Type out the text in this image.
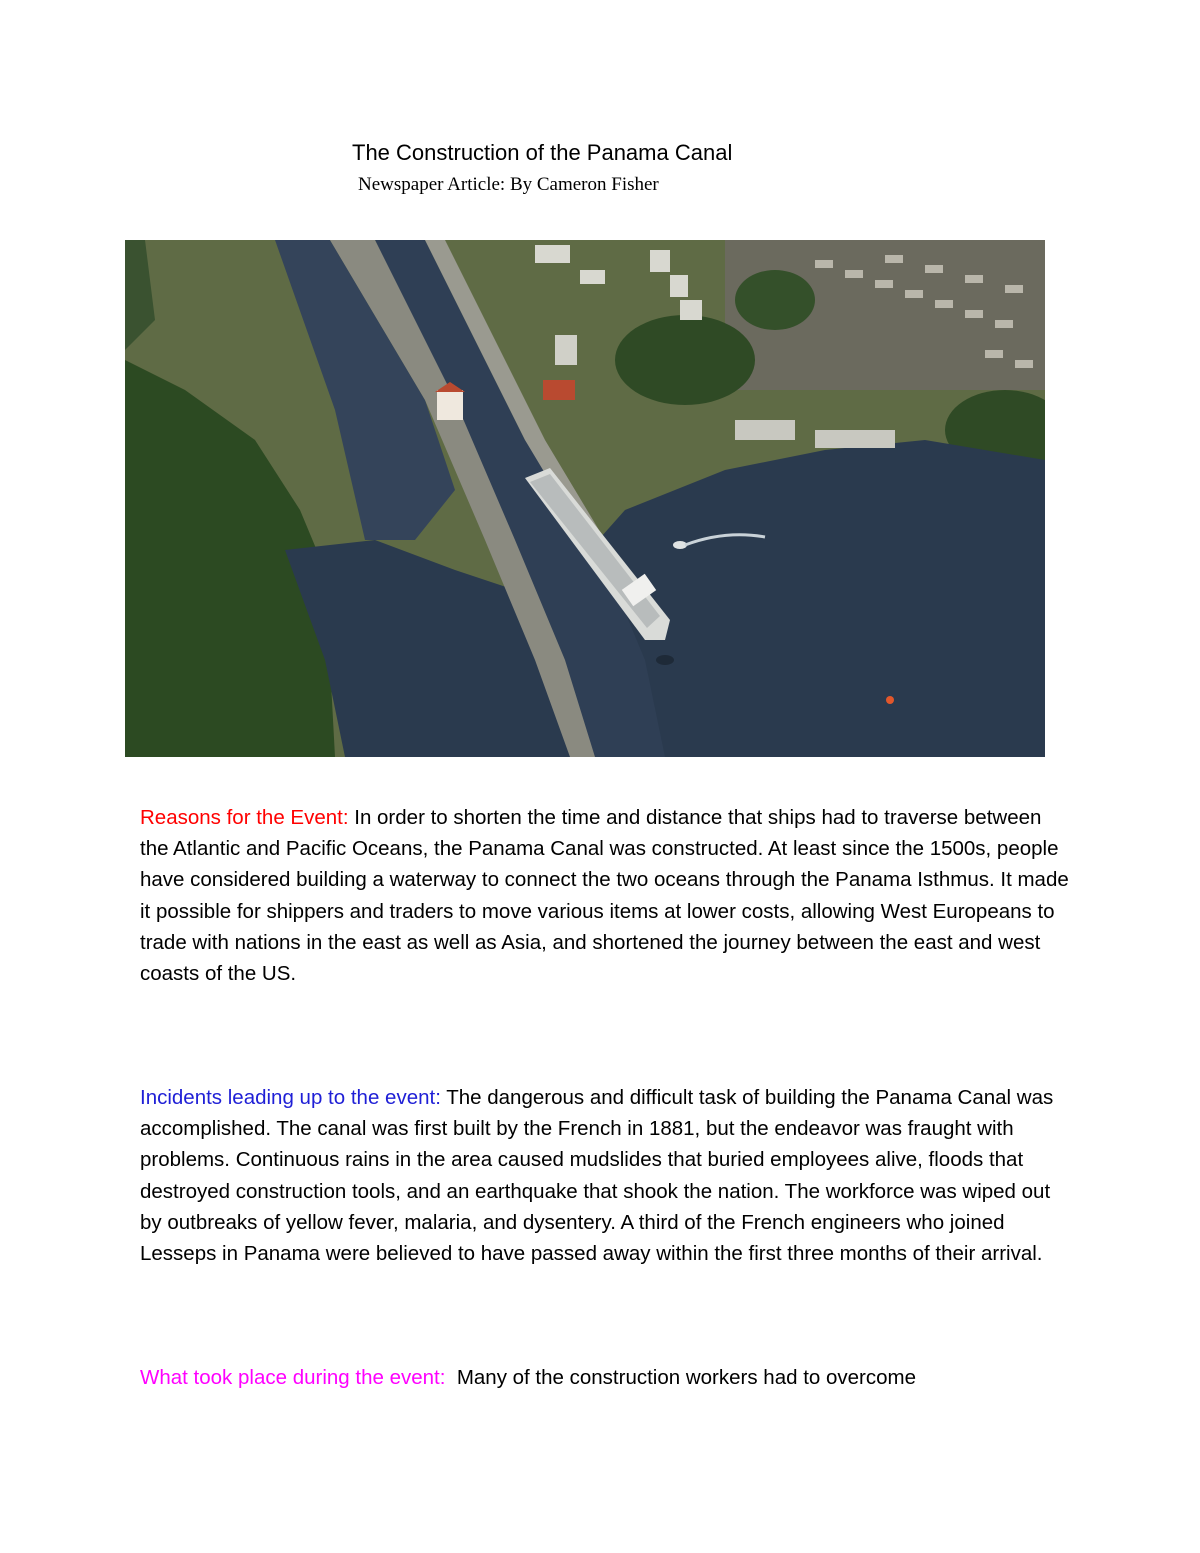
The Construction of the Panama Canal
Newspaper Article: By Cameron Fisher

Reasons for the Event: In order to shorten the time and distance that ships had to traverse between the Atlantic and Pacific Oceans, the Panama Canal was constructed. At least since the 1500s, people have considered building a waterway to connect the two oceans through the Panama Isthmus. It made it possible for shippers and traders to move various items at lower costs, allowing West Europeans to trade with nations in the east as well as Asia, and shortened the journey between the east and west coasts of the US.

Incidents leading up to the event: The dangerous and difficult task of building the Panama Canal was accomplished. The canal was first built by the French in 1881, but the endeavor was fraught with problems. Continuous rains in the area caused mudslides that buried employees alive, floods that destroyed construction tools, and an earthquake that shook the nation. The workforce was wiped out by outbreaks of yellow fever, malaria, and dysentery. A third of the French engineers who joined Lesseps in Panama were believed to have passed away within the first three months of their arrival.

What took place during the event:  Many of the construction workers had to overcome
